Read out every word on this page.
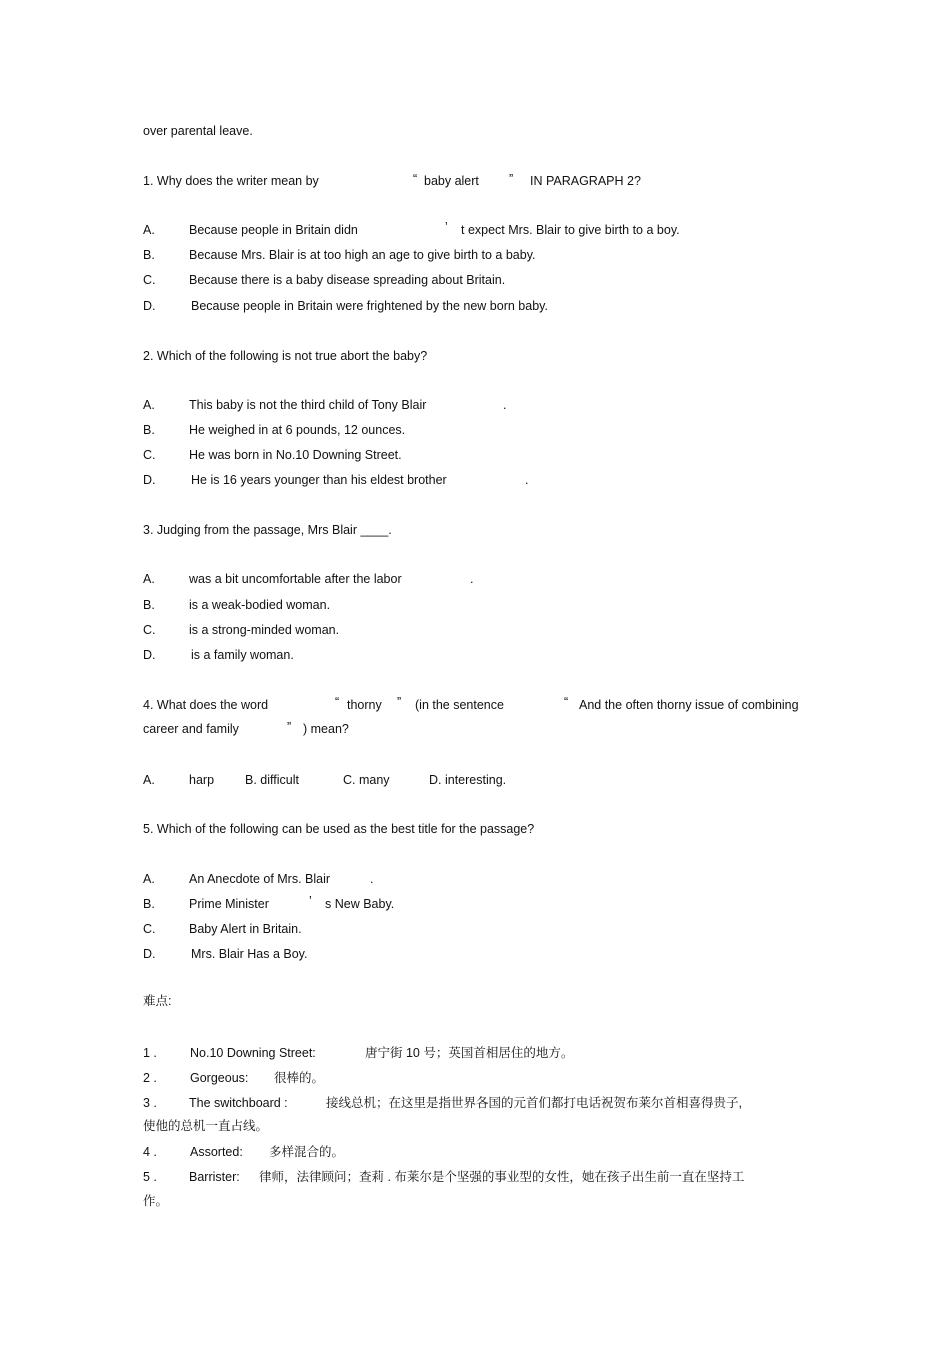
over parental leave.
1. Why does the writer mean by	“ baby alert ” IN PARAGRAPH 2?
A.	Because people in Britain didn	’ t expect Mrs. Blair to give birth to a boy.
B.	Because Mrs. Blair is at too high an age to give birth to a baby.
C.	Because there is a baby disease spreading about Britain.
D.	Because people in Britain were frightened by the new born baby.
2. Which of the following is not true abort the baby?
A.	This baby is not the third child of Tony Blair	.
B.	He weighed in at 6 pounds, 12 ounces.
C.	He was born in No.10 Downing Street.
D.	He is 16 years younger than his eldest brother	.
3. Judging from the passage, Mrs Blair ____.
A.	was a bit uncomfortable after the labor	.
B.	is a weak-bodied woman.
C.	is a strong-minded woman.
D.	is a family woman.
4. What does the word	“ thorny ” (in the sentence	“ And the often thorny issue of combining
career and family	” ) mean?
A.	harp B. difficult	C. many	D. interesting.
5. Which of the following can be used as the best title for the passage?
A.	An Anecdote of Mrs. Blair	.
B.	Prime Minister	’ s New Baby.
C.	Baby Alert in Britain.
D.	Mrs. Blair Has a Boy.
难点:
1 .	No.10 Downing Street:	唐宁街 10 号；英国首相居住的地方。
2 .	Gorgeous: 很棒的。
3 .	The switchboard :	接线总机；在这里是指世界各国的元首们都打电话祝贺布莱尔首相喜得贵子,
使他的总机一直占线。
4 .	Assorted: 多样混合的。
5 .	Barrister: 律师，法律顾问；查莉 . 布莱尔是个坚强的事业型的女性，她在孩子出生前一直在坚持工
作。
